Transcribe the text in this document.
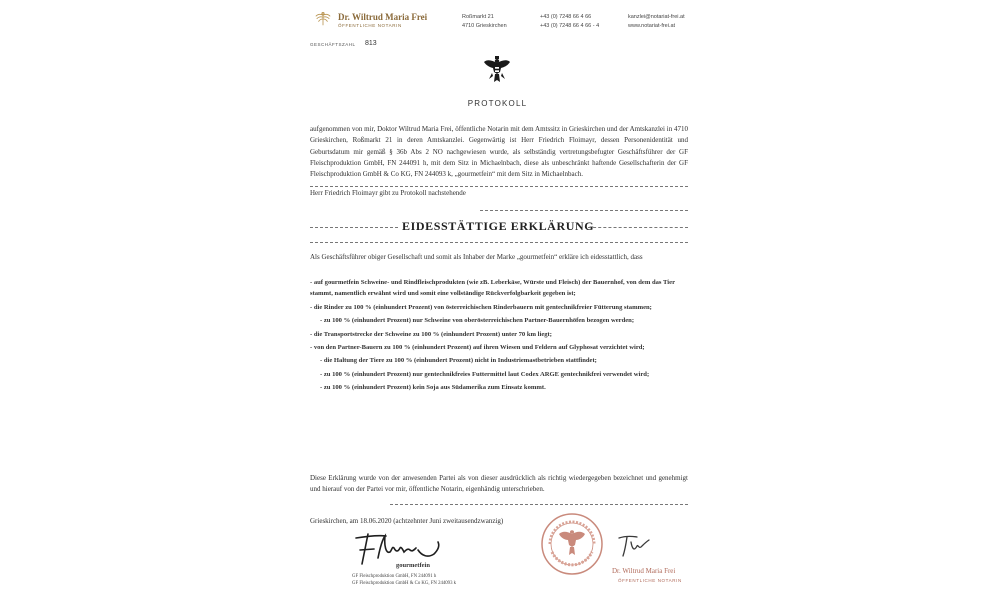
Dr. Wiltrud Maria Frei
ÖFFENTLICHE NOTARIN
Roßmarkt 21
4710 Grieskirchen
+43 (0) 7248 66 4 66
+43 (0) 7248 66 4 66 - 4
kanzlei@notariat-frei.at
www.notariat-frei.at
GESCHÄFTSZAHL 813
PROTOKOLL
aufgenommen von mir, Doktor Wiltrud Maria Frei, öffentliche Notarin mit dem Amtssitz in Grieskirchen und der Amtskanzlei in 4710 Grieskirchen, Roßmarkt 21 in deren Amtskanzlei. Gegenwärtig ist Herr Friedrich Floimayr, dessen Personenidentität und Geburtsdatum mir gemäß § 36b Abs 2 NO nachgewiesen wurde, als selbständig vertretungsbefugter Geschäftsführer der GF Fleischproduktion GmbH, FN 244091 h, mit dem Sitz in Michaelnbach, diese als unbeschränkt haftende Gesellschafterin der GF Fleischproduktion GmbH & Co KG, FN 244093 k, „gourmetfein“ mit dem Sitz in Michaelnbach.
Herr Friedrich Floimayr gibt zu Protokoll nachstehende
EIDESSTÄTTIGE ERKLÄRUNG
Als Geschäftsführer obiger Gesellschaft und somit als Inhaber der Marke „gourmetfein“ erkläre ich eidesstattlich, dass
- auf gourmetfein Schweine- und Rindfleischprodukten (wie zB. Leberkäse, Würste und Fleisch) der Bauernhof, von dem das Tier stammt, namentlich erwähnt wird und somit eine vollständige Rückverfolgbarkeit gegeben ist;
- die Rinder zu 100 % (einhundert Prozent) von österreichischen Rinderbauern mit gentechnikfreier Fütterung stammen;
- zu 100 % (einhundert Prozent) nur Schweine von oberösterreichischen Partner-Bauernhöfen bezogen werden;
- die Transportstrecke der Schweine zu 100 % (einhundert Prozent) unter 70 km liegt;
- von den Partner-Bauern zu 100 % (einhundert Prozent) auf ihren Wiesen und Feldern auf Glyphosat verzichtet wird;
- die Haltung der Tiere zu 100 % (einhundert Prozent) nicht in Industriemastbetrieben stattfindet;
- zu 100 % (einhundert Prozent) nur gentechnikfreies Futtermittel laut Codex ARGE gentechnikfrei verwendet wird;
- zu 100 % (einhundert Prozent) kein Soja aus Südamerika zum Einsatz kommt.
Diese Erklärung wurde von der anwesenden Partei als von dieser ausdrücklich als richtig wiedergegeben bezeichnet und genehmigt und hierauf von der Partei vor mir, öffentliche Notarin, eigenhändig unterschrieben.
Grieskirchen, am 18.06.2020 (achtzehnter Juni zweitausendzwanzig)
gourmetfein
GF Fleischproduktion GmbH, FN 244091 h
GF Fleischproduktion GmbH & Co KG, FN 244093 k
Dr. Wiltrud Maria Frei
ÖFFENTLICHE NOTARIN
